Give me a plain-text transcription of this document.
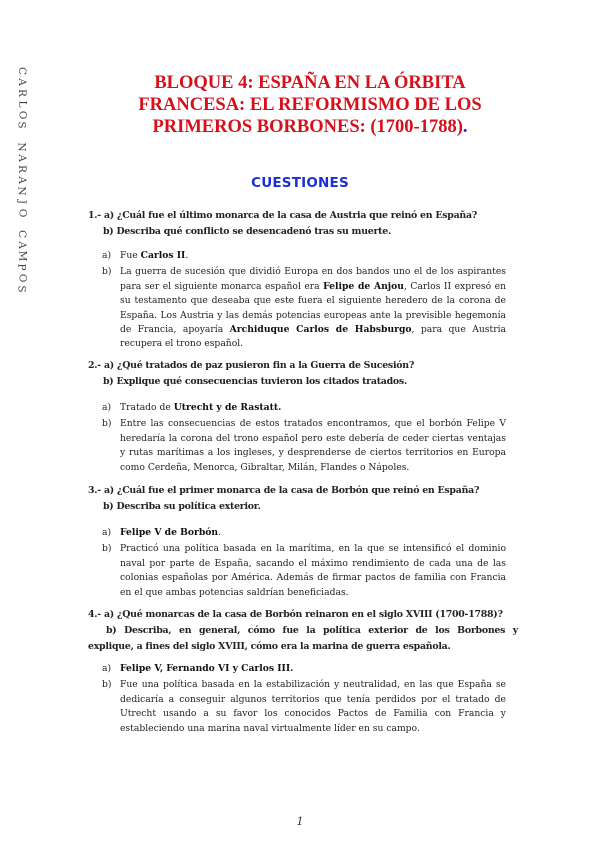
C
A
R
L
O
S

N
A
R
A
N
J
O

C
A
M
P
O
S
BLOQUE 4: ESPAÑA EN LA ÓRBITA FRANCESA: EL REFORMISMO DE LOS PRIMEROS BORBONES: (1700-1788).
CUESTIONES
1.- a) ¿Cuál fue el último monarca de la casa de Austria que reinó en España?
b) Describa qué conflicto se desencadenó tras su muerte.
a) Fue Carlos II.
b) La guerra de sucesión que dividió Europa en dos bandos uno el de los aspirantes para ser el siguiente monarca español era Felipe de Anjou, Carlos II expresó en su testamento que deseaba que este fuera el siguiente heredero de la corona de España. Los Austria y las demás potencias europeas ante la previsible hegemonía de Francia, apoyaría Archiduque Carlos de Habsburgo, para que Austria recupera el trono español.
2.- a) ¿Qué tratados de paz pusieron fin a la Guerra de Sucesión?
b) Explique qué consecuencias tuvieron los citados tratados.
a) Tratado de Utrecht y de Rastatt.
b) Entre las consecuencias de estos tratados encontramos, que el borbón Felipe V heredaría la corona del trono español pero este debería de ceder ciertas ventajas y rutas marítimas a los ingleses, y desprenderse de ciertos territorios en Europa como Cerdeña, Menorca, Gibraltar, Milán, Flandes o Nápoles.
3.- a) ¿Cuál fue el primer monarca de la casa de Borbón que reinó en España?
b) Describa su política exterior.
a) Felipe V de Borbón.
b) Practicó una política basada en la marítima, en la que se intensificó el dominio naval por parte de España, sacando el máximo rendimiento de cada una de las colonias españolas por América. Además de firmar pactos de familia con Francia en el que ambas potencias saldrían beneficiadas.
4.- a) ¿Qué monarcas de la casa de Borbón reinaron en el siglo XVIII (1700-1788)?
b) Describa, en general, cómo fue la política exterior de los Borbones y
explique, a fines del siglo XVIII, cómo era la marina de guerra española.
a) Felipe V, Fernando VI y Carlos III.
b) Fue una política basada en la estabilización y neutralidad, en las que España se dedicaría a conseguir algunos territorios que tenía perdidos por el tratado de Utrecht usando a su favor los conocidos Pactos de Familia con Francia y estableciendo una marina naval virtualmente líder en su campo.
1
